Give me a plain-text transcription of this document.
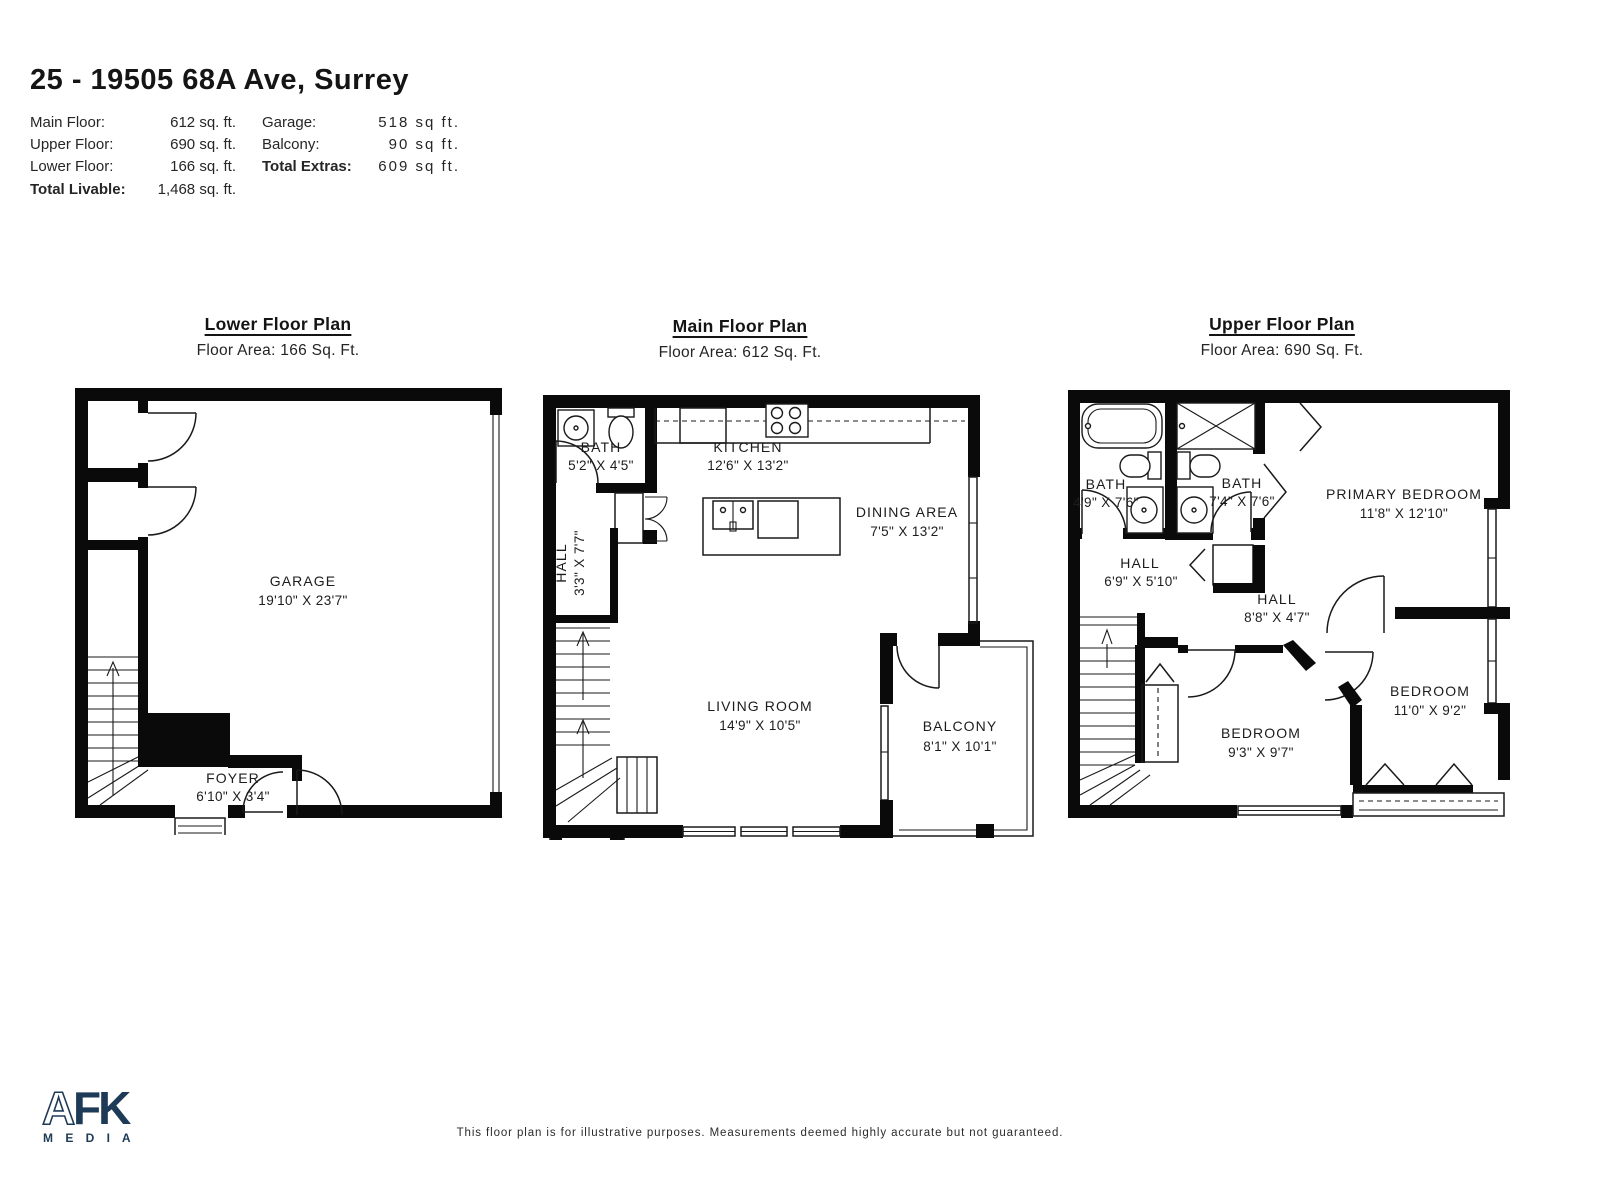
25 - 19505 68A Ave, Surrey
Main Floor:	612 sq. ft.
Upper Floor:	690 sq. ft.
Lower Floor:	166 sq. ft.
Total Livable: 1,468 sq. ft.
Garage:	518 sq ft.
Balcony:	90 sq ft.
Total Extras: 609 sq ft.
Lower Floor Plan
Floor Area: 166 Sq. Ft.
Main Floor Plan
Floor Area: 612 Sq. Ft.
Upper Floor Plan
Floor Area: 690 Sq. Ft.
GARAGE
19'10" X 23'7"
FOYER
6'10" X 3'4"
BATH
5'2" X 4'5"
HALL 3'3" X 7'7"
KITCHEN
12'6" X 13'2"
DINING AREA
7'5" X 13'2"
LIVING ROOM
14'9" X 10'5"	BALCONY
8'1" X 10'1"
BATH
4'9" X 7'6"
BATH
7'4" X 7'6"	PRIMARY BEDROOM
11'8" X 12'10"
HALL
6'9" X 5'10"
HALL
8'8" X 4'7"
BEDROOM
9'3" X 9'7"
BEDROOM
11'0" X 9'2"
A
FK
M E D I A	This floor plan is for illustrative purposes. Measurements deemed highly accurate but not guaranteed.
